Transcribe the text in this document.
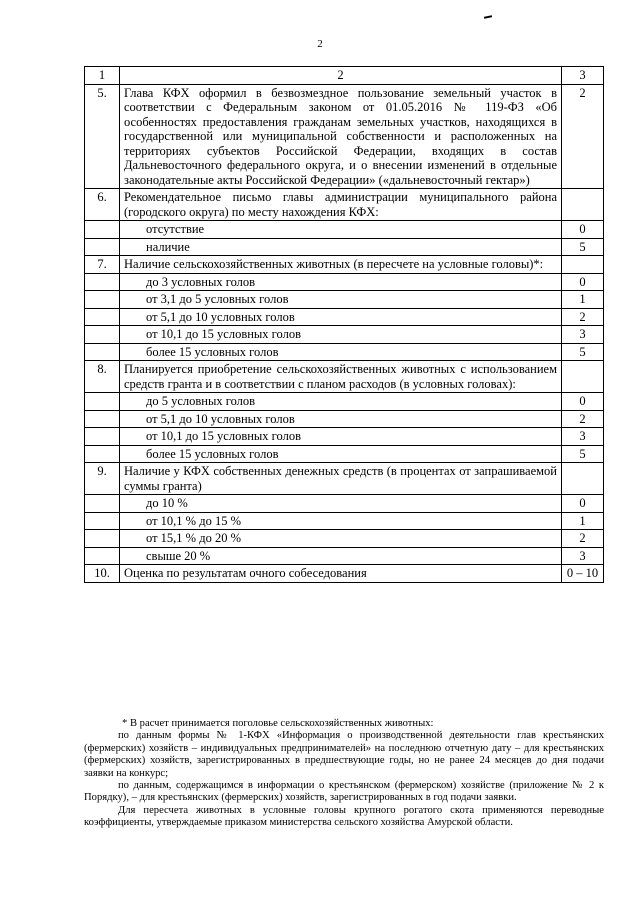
2
1	2	3
5.	Глава КФХ оформил в безвозмездное пользование земельный участок в соответствии с Федеральным законом от 01.05.2016 № 119-ФЗ «Об особенностях предоставления гражданам земельных участков, находящихся в государственной или муниципальной собственности и расположенных на территориях субъектов Российской Федерации, входящих в состав Дальневосточного федерального округа, и о внесении изменений в отдельные законодательные акты Российской Федерации» («дальневосточный гектар»)	2
6.	Рекомендательное письмо главы администрации муниципального района (городского округа) по месту нахождения КФХ:	
	отсутствие	0
	наличие	5
7.	Наличие сельскохозяйственных животных (в пересчете на условные головы)*:	
	до 3 условных голов	0
	от 3,1 до 5 условных голов	1
	от 5,1 до 10 условных голов	2
	от 10,1 до 15 условных голов	3
	более 15 условных голов	5
8.	Планируется приобретение сельскохозяйственных животных с использованием средств гранта и в соответствии с планом расходов (в условных головах):	
	до 5 условных голов	0
	от 5,1 до 10 условных голов	2
	от 10,1 до 15 условных голов	3
	более 15 условных голов	5
9.	Наличие у КФХ собственных денежных средств (в процентах от запрашиваемой суммы гранта)	
	до 10 %	0
	от 10,1 % до 15 %	1
	от 15,1 % до 20 %	2
	свыше 20 %	3
10.	Оценка по результатам очного собеседования	0 – 10

* В расчет принимается поголовье сельскохозяйственных животных:

по данным формы № 1-КФХ «Информация о производственной деятельности глав крестьянских (фермерских) хозяйств – индивидуальных предпринимателей» на последнюю отчетную дату – для крестьянских (фермерских) хозяйств, зарегистрированных в предшествующие годы, но не ранее 24 месяцев до дня подачи заявки на конкурс;

по данным, содержащимся в информации о крестьянском (фермерском) хозяйстве (приложение № 2 к Порядку), – для крестьянских (фермерских) хозяйств, зарегистрированных в год подачи заявки.

Для пересчета животных в условные головы крупного рогатого скота применяются переводные коэффициенты, утверждаемые приказом министерства сельского хозяйства Амурской области.
